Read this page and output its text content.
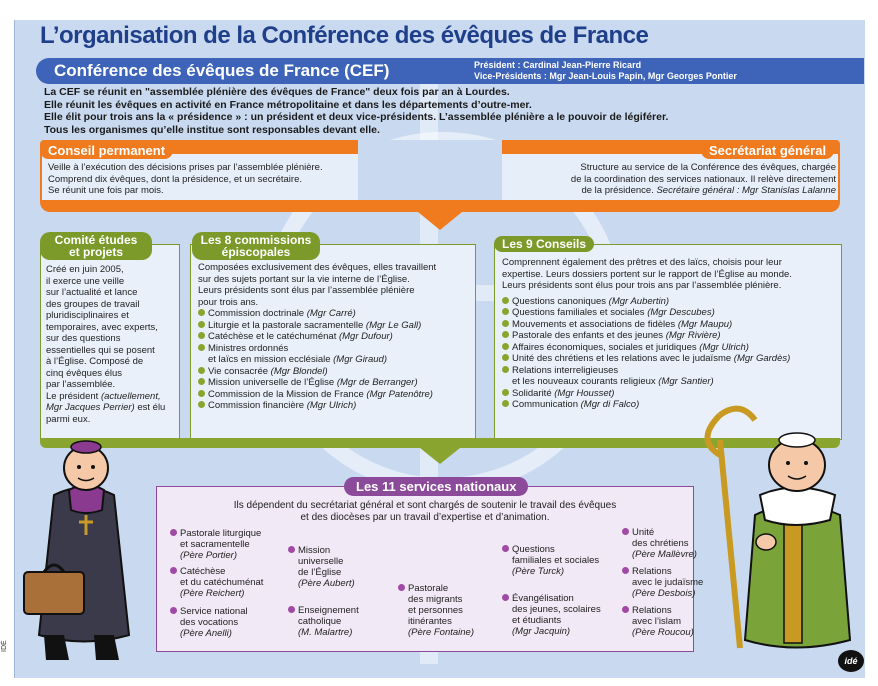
L’organisation de la Conférence des évêques de France
Conférence des évêques de France (CEF)	Président : Cardinal Jean-Pierre Ricard
Vice-Présidents : Mgr Jean-Louis Papin, Mgr Georges Pontier
La CEF se réunit en "assemblée plénière des évêques de France" deux fois par an à Lourdes.
Elle réunit les évêques en activité en France métropolitaine et dans les départements d’outre-mer.
Elle élit pour trois ans la « présidence » : un président et deux vice-présidents. L’assemblée plénière a le pouvoir de légiférer.
Tous les organismes qu’elle institue sont responsables devant elle.
Conseil permanent	Secrétariat général
Veille à l’exécution des décisions prises par l’assemblée plénière.
Comprend dix évêques, dont la présidence, et un secrétaire.
Se réunit une fois par mois.
Structure au service de la Conférence des évêques, chargée
de la coordination des services nationaux. Il relève directement
de la présidence. Secrétaire général : Mgr Stanislas Lalanne
Comité études
et projets
Les 8 commissions
épiscopales
Les 9 Conseils
Créé en juin 2005,
il exerce une veille
sur l’actualité et lance
des groupes de travail
pluridisciplinaires et
temporaires, avec experts,
sur des questions
essentielles qui se posent
à l’Église. Composé de
cinq évêques élus
par l’assemblée.
Le président (actuellement,
Mgr Jacques Perrier) est élu
parmi eux.
Composées exclusivement des évêques, elles travaillent
sur des sujets portant sur la vie interne de l’Église.
Leurs présidents sont élus par l’assemblée plénière
pour trois ans.
Commission doctrinale (Mgr Carré)
Liturgie et la pastorale sacramentelle (Mgr Le Gall)
Catéchèse et le catéchuménat (Mgr Dufour)
Ministres ordonnés
et laïcs en mission ecclésiale (Mgr Giraud)
Vie consacrée (Mgr Blondel)
Mission universelle de l’Église (Mgr de Berranger)
Commission de la Mission de France (Mgr Patenôtre)
Commission financière (Mgr Ulrich)
Comprennent également des prêtres et des laïcs, choisis pour leur
expertise. Leurs dossiers portent sur le rapport de l’Église au monde.
Leurs présidents sont élus pour trois ans par l’assemblée plénière.
Questions canoniques (Mgr Aubertin)
Questions familiales et sociales (Mgr Descubes)
Mouvements et associations de fidèles (Mgr Maupu)
Pastorale des enfants et des jeunes (Mgr Rivière)
Affaires économiques, sociales et juridiques (Mgr Ulrich)
Unité des chrétiens et les relations avec le judaïsme (Mgr Gardès)
Relations interreligieuses
et les nouveaux courants religieux (Mgr Santier)
Solidarité (Mgr Housset)
Communication (Mgr di Falco)
Les 11 services nationaux
Ils dépendent du secrétariat général et sont chargés de soutenir le travail des évêques
et des diocèses par un travail d’expertise et d’animation.
Pastorale liturgique
et sacramentelle
(Père Portier)
Catéchèse
et du catéchuménat
(Père Reichert)
Service national
des vocations
(Père Anelli)
Mission
universelle
de l’Église
(Père Aubert)
Enseignement
catholique
(M. Malartre)
Pastorale
des migrants
et personnes
itinérantes
(Père Fontaine)
Questions
familiales et sociales
(Père Turck)
Évangélisation
des jeunes, scolaires
et étudiants
(Mgr Jacquin)
Unité
des chrétiens
(Père Mallèvre)
Relations
avec le judaïsme
(Père Desbois)
Relations
avec l’islam
(Père Roucou)
IDÉ
idé
